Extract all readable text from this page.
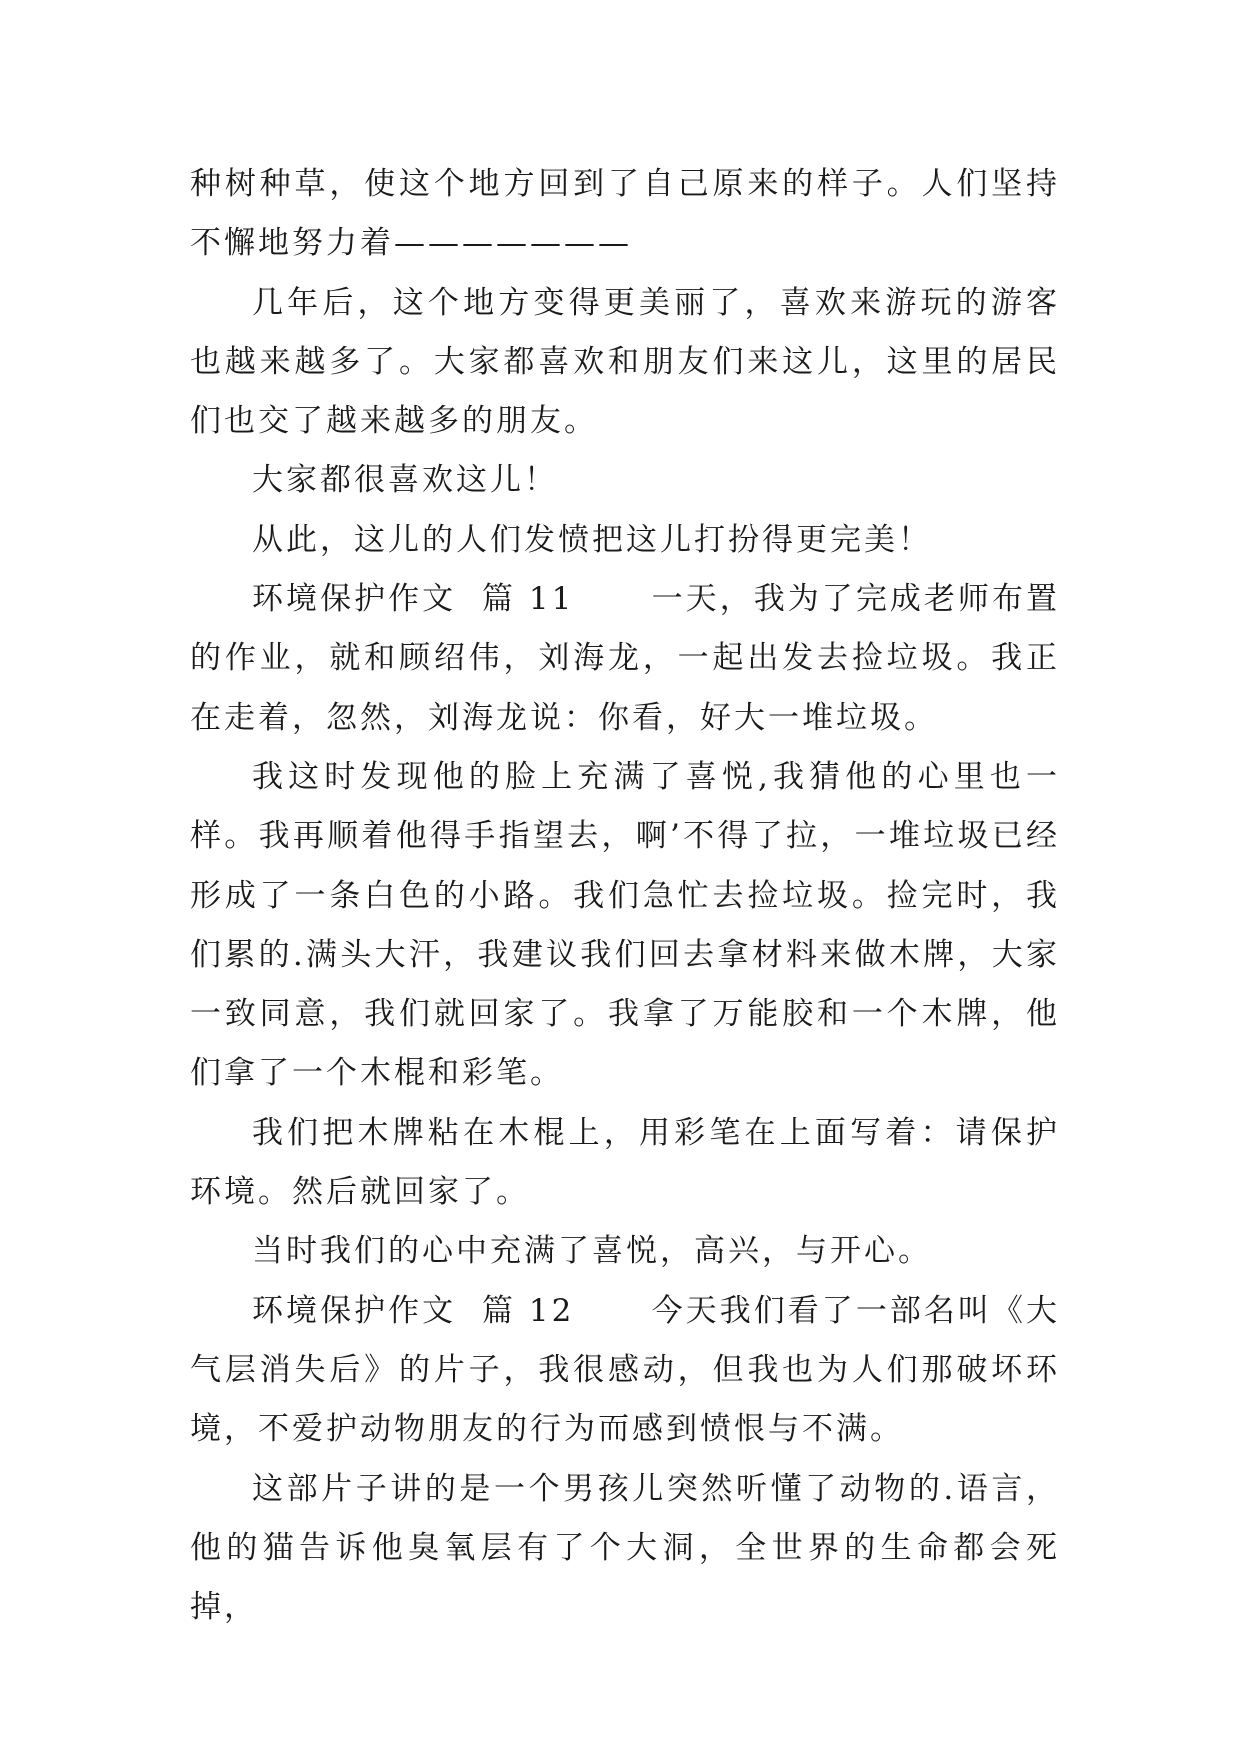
种树种草，使这个地方回到了自己原来的样子。人们坚持不懈地努力着———————

几年后，这个地方变得更美丽了，喜欢来游玩的游客也越来越多了。大家都喜欢和朋友们来这儿，这里的居民们也交了越来越多的朋友。

大家都很喜欢这儿！

从此，这儿的人们发愤把这儿打扮得更完美！

环境保护作文  篇 11      一天，我为了完成老师布置的作业，就和顾绍伟，刘海龙，一起出发去捡垃圾。我正在走着，忽然，刘海龙说：你看，好大一堆垃圾。

我这时发现他的脸上充满了喜悦,我猜他的心里也一样。我再顺着他得手指望去，啊’不得了拉，一堆垃圾已经形成了一条白色的小路。我们急忙去捡垃圾。捡完时，我们累的.满头大汗，我建议我们回去拿材料来做木牌，大家一致同意，我们就回家了。我拿了万能胶和一个木牌，他们拿了一个木棍和彩笔。

我们把木牌粘在木棍上，用彩笔在上面写着：请保护环境。然后就回家了。

当时我们的心中充满了喜悦，高兴，与开心。

环境保护作文  篇 12      今天我们看了一部名叫《大气层消失后》的片子，我很感动，但我也为人们那破坏环境，不爱护动物朋友的行为而感到愤恨与不满。

这部片子讲的是一个男孩儿突然听懂了动物的.语言，他的猫告诉他臭氧层有了个大洞，全世界的生命都会死掉，
